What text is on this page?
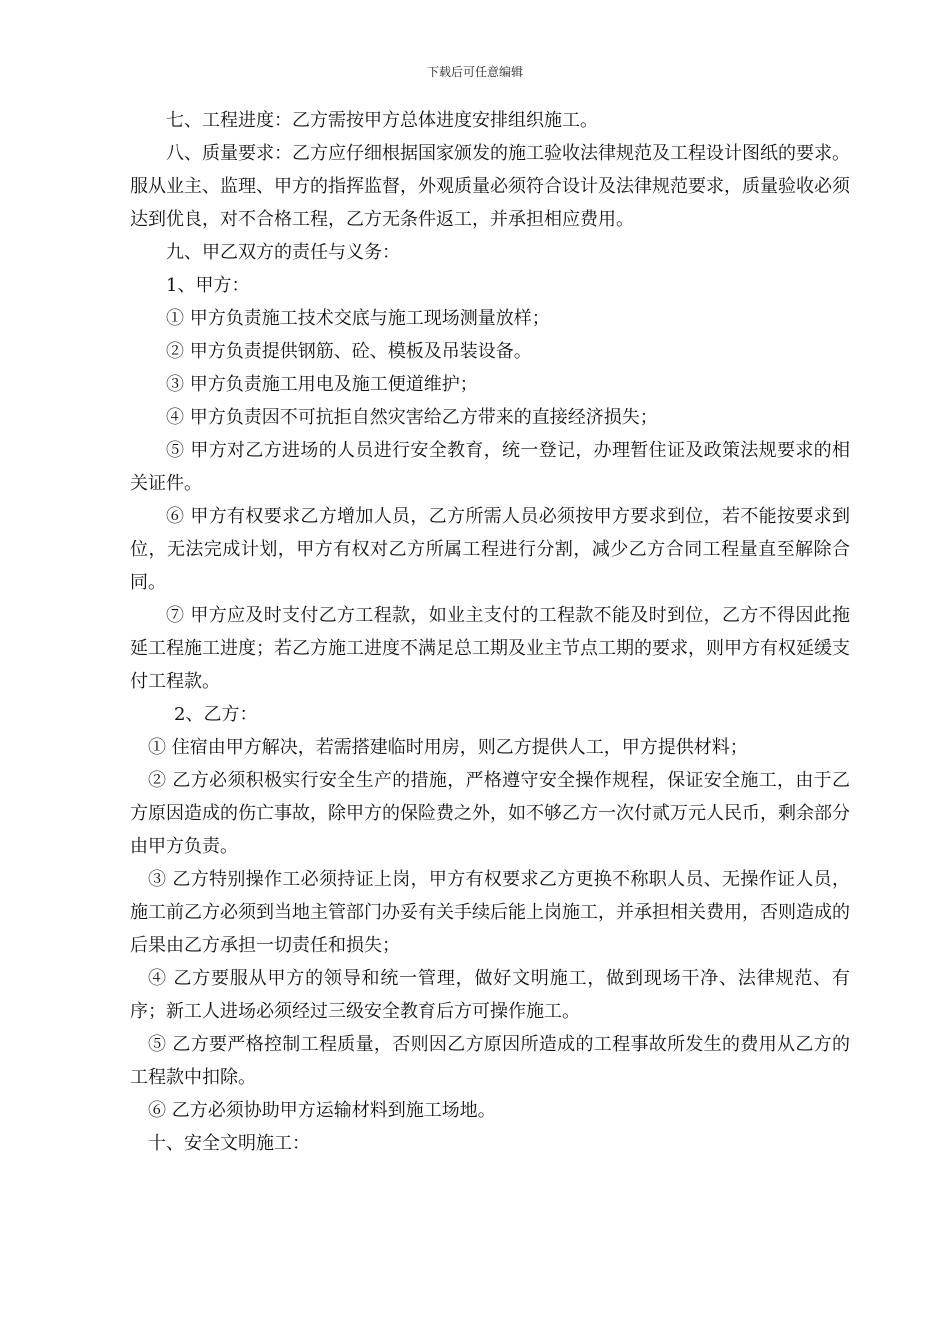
下载后可任意编辑

七、工程进度：乙方需按甲方总体进度安排组织施工。

八、质量要求：乙方应仔细根据国家颁发的施工验收法律规范及工程设计图纸的要求。服从业主、监理、甲方的指挥监督，外观质量必须符合设计及法律规范要求，质量验收必须达到优良，对不合格工程，乙方无条件返工，并承担相应费用。

九、甲乙双方的责任与义务：

1、甲方：

① 甲方负责施工技术交底与施工现场测量放样；

② 甲方负责提供钢筋、砼、模板及吊装设备。

③ 甲方负责施工用电及施工便道维护；

④ 甲方负责因不可抗拒自然灾害给乙方带来的直接经济损失；

⑤ 甲方对乙方进场的人员进行安全教育，统一登记，办理暂住证及政策法规要求的相关证件。

⑥ 甲方有权要求乙方增加人员，乙方所需人员必须按甲方要求到位，若不能按要求到位，无法完成计划，甲方有权对乙方所属工程进行分割，减少乙方合同工程量直至解除合同。

⑦ 甲方应及时支付乙方工程款，如业主支付的工程款不能及时到位，乙方不得因此拖延工程施工进度；若乙方施工进度不满足总工期及业主节点工期的要求，则甲方有权延缓支付工程款。

2、乙方：

① 住宿由甲方解决，若需搭建临时用房，则乙方提供人工，甲方提供材料；

② 乙方必须积极实行安全生产的措施，严格遵守安全操作规程，保证安全施工，由于乙方原因造成的伤亡事故，除甲方的保险费之外，如不够乙方一次付贰万元人民币，剩余部分由甲方负责。

③ 乙方特别操作工必须持证上岗，甲方有权要求乙方更换不称职人员、无操作证人员，施工前乙方必须到当地主管部门办妥有关手续后能上岗施工，并承担相关费用，否则造成的后果由乙方承担一切责任和损失；

④ 乙方要服从甲方的领导和统一管理，做好文明施工，做到现场干净、法律规范、有序；新工人进场必须经过三级安全教育后方可操作施工。

⑤ 乙方要严格控制工程质量，否则因乙方原因所造成的工程事故所发生的费用从乙方的工程款中扣除。

⑥ 乙方必须协助甲方运输材料到施工场地。

十、安全文明施工：
